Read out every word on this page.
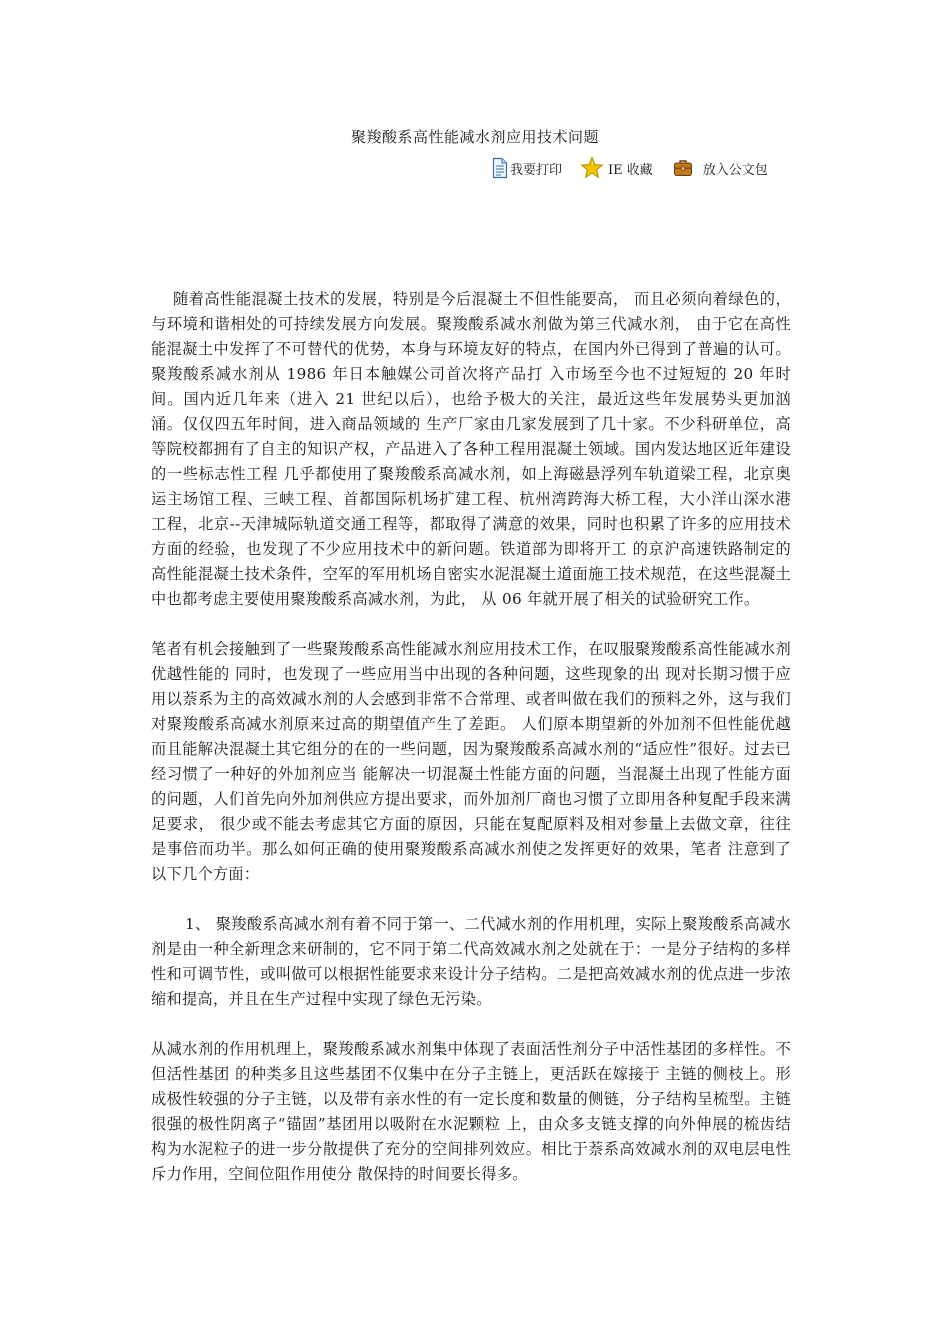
聚羧酸系高性能减水剂应用技术问题
我要打印	IE 收藏	放入公文包

随着高性能混凝土技术的发展，特别是今后混凝土不但性能要高， 而且必须向着绿色的，与环境和谐相处的可持续发展方向发展。聚羧酸系减水剂做为第三代减水剂， 由于它在高性能混凝土中发挥了不可替代的优势，本身与环境友好的特点，在国内外已得到了普遍的认可。聚羧酸系减水剂从 1986 年日本触媒公司首次将产品打 入市场至今也不过短短的 20 年时间。国内近几年来（进入 21 世纪以后），也给予极大的关注，最近这些年发展势头更加汹涌。仅仅四五年时间，进入商品领域的 生产厂家由几家发展到了几十家。不少科研单位，高等院校都拥有了自主的知识产权，产品进入了各种工程用混凝土领域。国内发达地区近年建设的一些标志性工程 几乎都使用了聚羧酸系高减水剂，如上海磁悬浮列车轨道梁工程，北京奥运主场馆工程、三峡工程、首都国际机场扩建工程、杭州湾跨海大桥工程，大小洋山深水港 工程，北京--天津城际轨道交通工程等，都取得了满意的效果，同时也积累了许多的应用技术方面的经验，也发现了不少应用技术中的新问题。铁道部为即将开工 的京沪高速铁路制定的高性能混凝土技术条件，空军的军用机场自密实水泥混凝土道面施工技术规范，在这些混凝土中也都考虑主要使用聚羧酸系高减水剂，为此， 从 06 年就开展了相关的试验研究工作。

笔者有机会接触到了一些聚羧酸系高性能减水剂应用技术工作，在叹服聚羧酸系高性能减水剂优越性能的 同时，也发现了一些应用当中出现的各种问题，这些现象的出 现对长期习惯于应用以萘系为主的高效减水剂的人会感到非常不合常理、或者叫做在我们的预料之外，这与我们对聚羧酸系高减水剂原来过高的期望值产生了差距。 人们原本期望新的外加剂不但性能优越而且能解决混凝土其它组分的在的一些问题，因为聚羧酸系高减水剂的“适应性”很好。过去已经习惯了一种好的外加剂应当 能解决一切混凝土性能方面的问题，当混凝土出现了性能方面的问题，人们首先向外加剂供应方提出要求，而外加剂厂商也习惯了立即用各种复配手段来满足要求， 很少或不能去考虑其它方面的原因，只能在复配原料及相对参量上去做文章，往往是事倍而功半。那么如何正确的使用聚羧酸系高减水剂使之发挥更好的效果，笔者 注意到了以下几个方面：

1、 聚羧酸系高减水剂有着不同于第一、二代减水剂的作用机理，实际上聚羧酸系高减水剂是由一种全新理念来研制的，它不同于第二代高效减水剂之处就在于：一是分子结构的多样性和可调节性，或叫做可以根据性能要求来设计分子结构。二是把高效减水剂的优点进一步浓缩和提高，并且在生产过程中实现了绿色无污染。

从减水剂的作用机理上，聚羧酸系减水剂集中体现了表面活性剂分子中活性基团的多样性。不但活性基团 的种类多且这些基团不仅集中在分子主链上，更活跃在嫁接于 主链的侧枝上。形成极性较强的分子主链，以及带有亲水性的有一定长度和数量的侧链，分子结构呈梳型。主链很强的极性阴离子“锚固”基团用以吸附在水泥颗粒 上，由众多支链支撑的向外伸展的梳齿结构为水泥粒子的进一步分散提供了充分的空间排列效应。相比于萘系高效减水剂的双电层电性斥力作用，空间位阻作用使分 散保持的时间要长得多。
